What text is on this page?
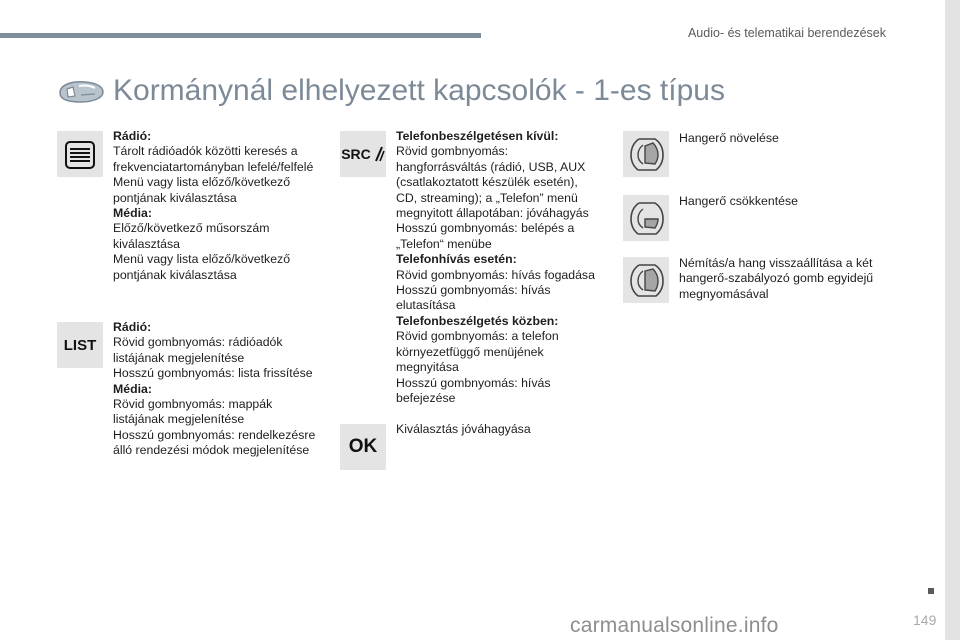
Audio- és telematikai berendezések
149
Kormánynál elhelyezett kapcsolók - 1-es típus
Rádió:
Tárolt rádióadók közötti keresés a
frekvenciatartományban lefelé/felfelé
Menü vagy lista előző/következő
pontjának kiválasztása
Média:
Előző/következő műsorszám
kiválasztása
Menü vagy lista előző/következő
pontjának kiválasztása
LIST
Rádió:
Rövid gombnyomás: rádióadók
listájának megjelenítése
Hosszú gombnyomás: lista frissítése
Média:
Rövid gombnyomás: mappák
listájának megjelenítése
Hosszú gombnyomás: rendelkezésre
álló rendezési módok megjelenítése
SRC
Telefonbeszélgetésen kívül:
Rövid gombnyomás:
hangforrásváltás (rádió, USB, AUX
(csatlakoztatott készülék esetén),
CD, streaming); a „Telefon” menü
megnyitott állapotában: jóváhagyás
Hosszú gombnyomás: belépés a
„Telefon“ menübe
Telefonhívás esetén:
Rövid gombnyomás: hívás fogadása
Hosszú gombnyomás: hívás
elutasítása
Telefonbeszélgetés közben:
Rövid gombnyomás: a telefon
környezetfüggő menüjének
megnyitása
Hosszú gombnyomás: hívás
befejezése
OK
Kiválasztás jóváhagyása
Hangerő növelése
Hangerő csökkentése
Némítás/a hang visszaállítása a két
hangerő-szabályozó gomb egyidejű
megnyomásával
carmanualsonline.info
